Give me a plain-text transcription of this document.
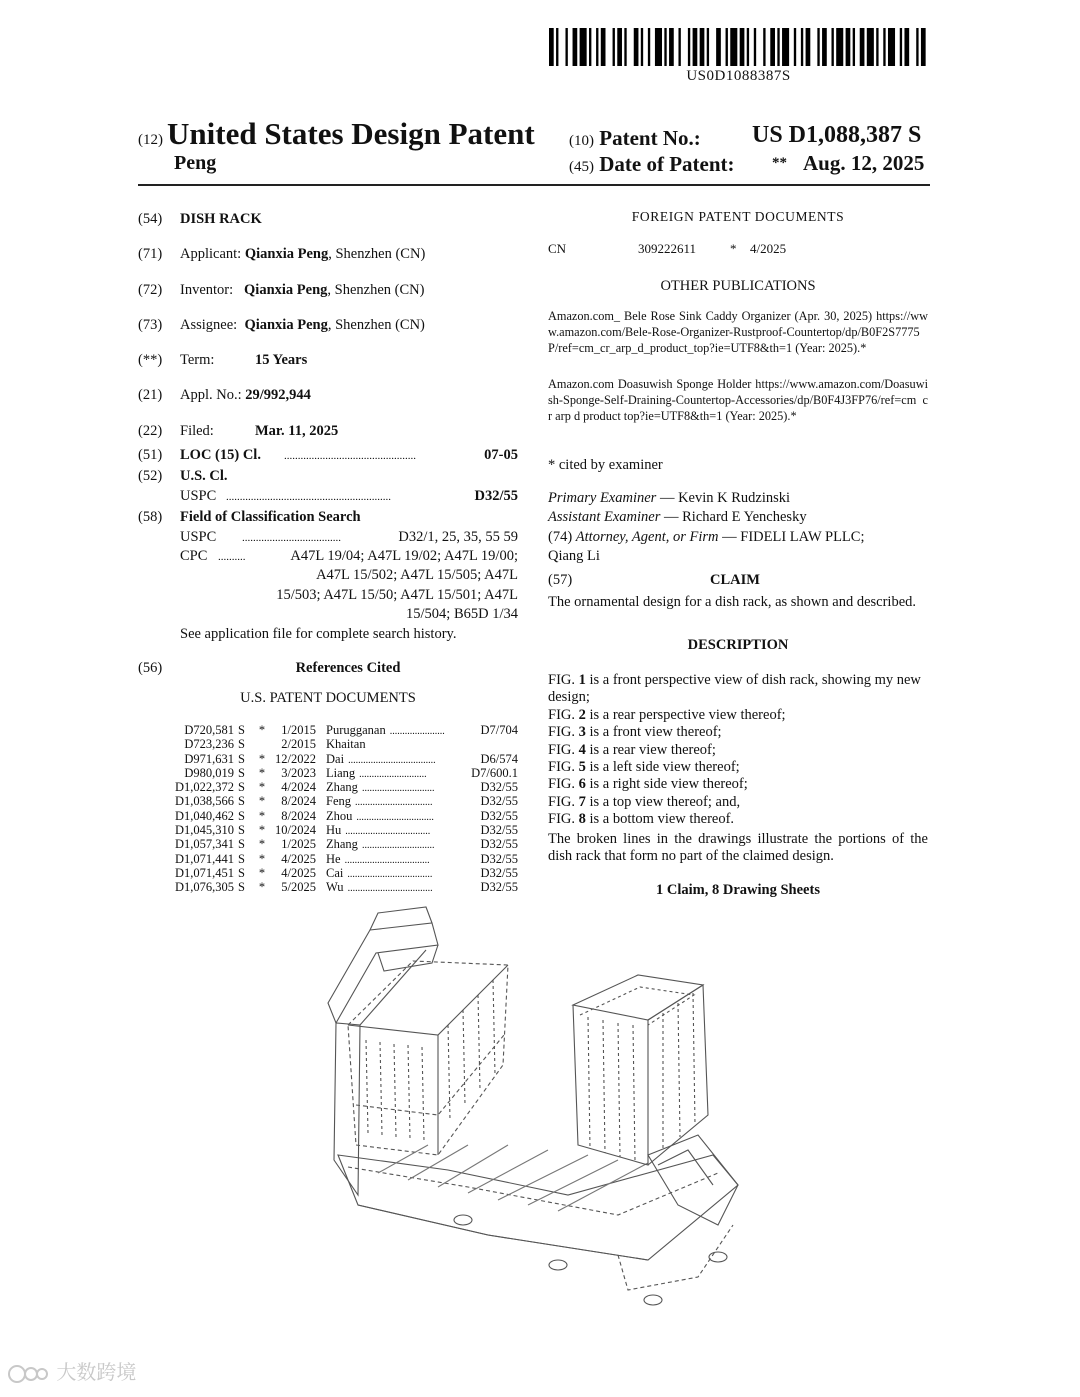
US0D1088387S
(12) United States Design Patent
Peng
(10) Patent No.: US D1,088,387 S
(45) Date of Patent: ** Aug. 12, 2025
(54) DISH RACK
(71) Applicant: Qianxia Peng, Shenzhen (CN)
(72) Inventor: Qianxia Peng, Shenzhen (CN)
(73) Assignee: Qianxia Peng, Shenzhen (CN)
(**) Term:	15 Years
(21) Appl. No.: 29/992,944
(22) Filed:	Mar. 11, 2025
(51) LOC (15) Cl. ................................................	07-05
(52) U.S. Cl.
USPC ............................................................	D32/55
(58) Field of Classification Search
USPC ....................................	D32/1, 25, 35, 55 59
CPC ..........	A47L 19/04; A47L 19/02; A47L 19/00;
A47L 15/502; A47L 15/505; A47L
15/503; A47L 15/50; A47L 15/501; A47L
15/504; B65D 1/34
See application file for complete search history.
(56)	References Cited
U.S. PATENT DOCUMENTS
D720,581	S	*	1/2015	Purugganan ......................	D7/704
D723,236	S		2/2015	Khaitan	
D971,631	S	*	12/2022	Dai ...................................	D6/574
D980,019	S	*	3/2023	Liang ...........................	D7/600.1
D1,022,372	S	*	4/2024	Zhang .............................	D32/55
D1,038,566	S	*	8/2024	Feng ...............................	D32/55
D1,040,462	S	*	8/2024	Zhou ...............................	D32/55
D1,045,310	S	*	10/2024	Hu ..................................	D32/55
D1,057,341	S	*	1/2025	Zhang .............................	D32/55
D1,071,441	S	*	4/2025	He ..................................	D32/55
D1,071,451	S	*	4/2025	Cai ..................................	D32/55
D1,076,305	S	*	5/2025	Wu ..................................	D32/55
FOREIGN PATENT DOCUMENTS
CN	309222611	* 4/2025
OTHER PUBLICATIONS
Amazon.com_ Bele Rose Sink Caddy Organizer (Apr. 30, 2025) https://www.amazon.com/Bele-Rose-Organizer-Rustproof-Countertop/dp/B0F2S7775P/ref=cm_cr_arp_d_product_top?ie=UTF8&th=1 (Year: 2025).*
Amazon.com Doasuwish Sponge Holder https://www.amazon.com/Doasuwish-Sponge-Self-Draining-Countertop-Accessories/dp/B0F4J3FP76/ref=cm cr arp d product top?ie=UTF8&th=1 (Year: 2025).*
* cited by examiner
Primary Examiner — Kevin K Rudzinski
Assistant Examiner — Richard E Yenchesky
(74) Attorney, Agent, or Firm — FIDELI LAW PLLC;
Qiang Li
(57)	CLAIM
The ornamental design for a dish rack, as shown and described.
DESCRIPTION
FIG. 1 is a front perspective view of dish rack, showing my new design;
FIG. 2 is a rear perspective view thereof;
FIG. 3 is a front view thereof;
FIG. 4 is a rear view thereof;
FIG. 5 is a left side view thereof;
FIG. 6 is a right side view thereof;
FIG. 7 is a top view thereof; and,
FIG. 8 is a bottom view thereof.
The broken lines in the drawings illustrate the portions of the dish rack that form no part of the claimed design.
1 Claim, 8 Drawing Sheets
大数跨境
